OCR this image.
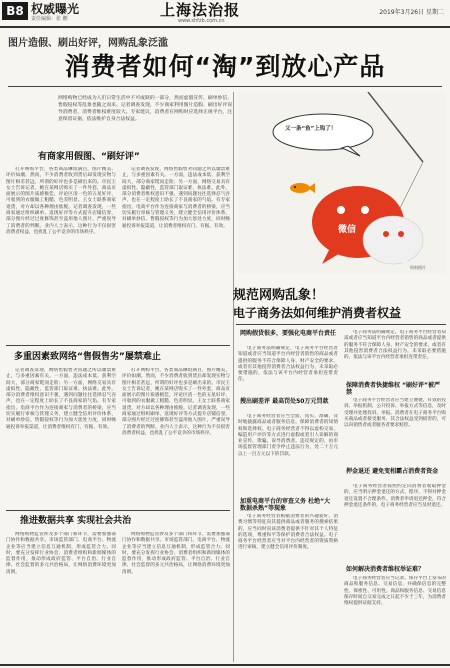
B8 权威曝光
责任编辑：张 鹏	上海法治报
www.shfzb.com.cn
2019年3月26日 星期二
图片造假、刷出好评，网购乱象泛滥
消费者如何“淘”到放心产品
网络购物已经成为人们日常生活中不可或缺的一部分，然而虚假宣传、刷单炒信、售假侵权等乱象也随之而来。记者调查发现，不少商家利用图片造假、刷出好评误导消费者，消费者维权难度较大。专家建议，消费者在网购时应选择正规平台，注意保留证据，依法维护自身合法权益。
又一条“鱼”上钩了！
微信
资料图片
有商家用假图、“刷好评”
打开网购平台，各类商品琳琅满目，图片精美、评价如潮。然而，不少消费者收到货后却发现实物与图片相差甚远，所谓的好评也多是刷出来的。市民王女士告诉记者，她在某网店购买了一件外套，商品页面展示的图片质感极佳，评论区清一色的五星好评，可收到的衣服做工粗糙、色差明显。王女士联系商家退货，对方却以各种理由推脱。记者调查发现，一些商家通过组织刷单、返现好评等方式提升店铺信誉，部分图片经过过度修饰甚至盗用他人图片，严重误导了消费者的判断。业内人士表示，这种行为不仅损害消费者权益，也扰乱了公平竞争的市场秩序。
记者调查发现，网络售假售劣问题之所以屡禁难止，与多重因素有关。一方面，违法成本低、获利空间大，部分商家铤而走险；另一方面，网络交易具有虚拟性、隐蔽性，监管部门取证难、执法难。此外，部分消费者维权意识不强，遇到问题往往选择忍气吞声，也在一定程度上助长了不良商家的气焰。有专家指出，电商平台作为连接商家与消费者的桥梁，应当切实履行审核与管理义务，建立健全信用评价体系，对刷单炒信、售假侵权等行为加大惩处力度，同时畅通投诉举报渠道，让消费者维权有门、有据、有效。
多重因素致网络“售假售劣”屡禁难止
记者调查发现，网络售假售劣问题之所以屡禁难止，与多重因素有关。一方面，违法成本低、获利空间大，部分商家铤而走险；另一方面，网络交易具有虚拟性、隐蔽性，监管部门取证难、执法难。此外，部分消费者维权意识不强，遇到问题往往选择忍气吞声，也在一定程度上助长了不良商家的气焰。有专家指出，电商平台作为连接商家与消费者的桥梁，应当切实履行审核与管理义务，建立健全信用评价体系，对刷单炒信、售假侵权等行为加大惩处力度，同时畅通投诉举报渠道，让消费者维权有门、有据、有效。
打开网购平台，各类商品琳琅满目，图片精美、评价如潮。然而，不少消费者收到货后却发现实物与图片相差甚远，所谓的好评也多是刷出来的。市民王女士告诉记者，她在某网店购买了一件外套，商品页面展示的图片质感极佳，评论区清一色的五星好评，可收到的衣服做工粗糙、色差明显。王女士联系商家退货，对方却以各种理由推脱。记者调查发现，一些商家通过组织刷单、返现好评等方式提升店铺信誉，部分图片经过过度修饰甚至盗用他人图片，严重误导了消费者的判断。业内人士表示，这种行为不仅损害消费者权益，也扰乱了公平竞争的市场秩序。
推进数据共享 实现社会共治
网络购物监管涉及多个部门和环节，需要加强部门协作和数据共享。市场监管部门、电商平台、物流企业等应当建立信息互通机制，形成监管合力。同时，要充分发挥行业协会、消费者组织和新闻媒体的监督作用，推动形成政府监管、平台自治、行业自律、社会监督的多元共治格局，让网络消费环境更加清朗。
网络购物监管涉及多个部门和环节，需要加强部门协作和数据共享。市场监管部门、电商平台、物流企业等应当建立信息互通机制，形成监管合力。同时，要充分发挥行业协会、消费者组织和新闻媒体的监督作用，推动形成政府监管、平台自治、行业自律、社会监督的多元共治格局，让网络消费环境更加清朗。
规范网购乱象！
电子商务法如何维护消费者权益
网购假货很多，要强化电商平台责任
电子商务法明确规定，电子商务平台经营者知道或者应当知道平台内经营者销售的商品或者提供的服务不符合保障人身、财产安全的要求，或者有其他侵害消费者合法权益行为，未采取必要措施的，依法与该平台内经营者承担连带责任。
搜出刷差评 最高罚处50万元罚款
电子商务经营者应当全面、真实、准确、及时地披露商品或者服务信息，保障消费者的知情权和选择权。电子商务经营者不得以虚构交易、编造用户评价等方式进行虚假或者引人误解的商业宣传，欺骗、误导消费者。违反规定的，由市场监督管理部门责令停止违法行为，处二十万元以上一百万元以下的罚款。
加重电商平台的审查义务 杜绝“大数据杀熟”等现象
电子商务经营者根据消费者的兴趣爱好、消费习惯等特征向其提供商品或者服务的搜索结果的，应当同时向该消费者提供不针对其个人特征的选项，尊重和平等保护消费者合法权益。电子商务平台经营者应当对平台内经营者的资质资格进行审核，建立健全信用评价制度。
电子商务法明确规定，电子商务平台经营者知道或者应当知道平台内经营者销售的商品或者提供的服务不符合保障人身、财产安全的要求，或者有其他侵害消费者合法权益行为，未采取必要措施的，依法与该平台内经营者承担连带责任。
保障消费者快捷维权 “刷好评”被严禁
电子商务平台经营者应当建立便捷、有效的投诉、举报机制，公开投诉、举报方式等信息，及时受理并处理投诉、举报。消费者在电子商务平台购买商品或者接受服务，其合法权益受到损害的，可以向销售者或者服务者要求赔偿。
押金退还 避免变相霸占消费者资金
电子商务经营者按照约定向消费者收取押金的，应当明示押金退还的方式、程序，不得对押金退还设置不合理条件。消费者申请退还押金，符合押金退还条件的，电子商务经营者应当及时退还。
如何解决消费者维权举证难？
电子商务经营者应当记录、保存平台上发布的商品和服务信息、交易信息，并确保信息的完整性、保密性、可用性。商品和服务信息、交易信息保存时间自交易完成之日起不少于三年，为消费者维权提供证据支持。
